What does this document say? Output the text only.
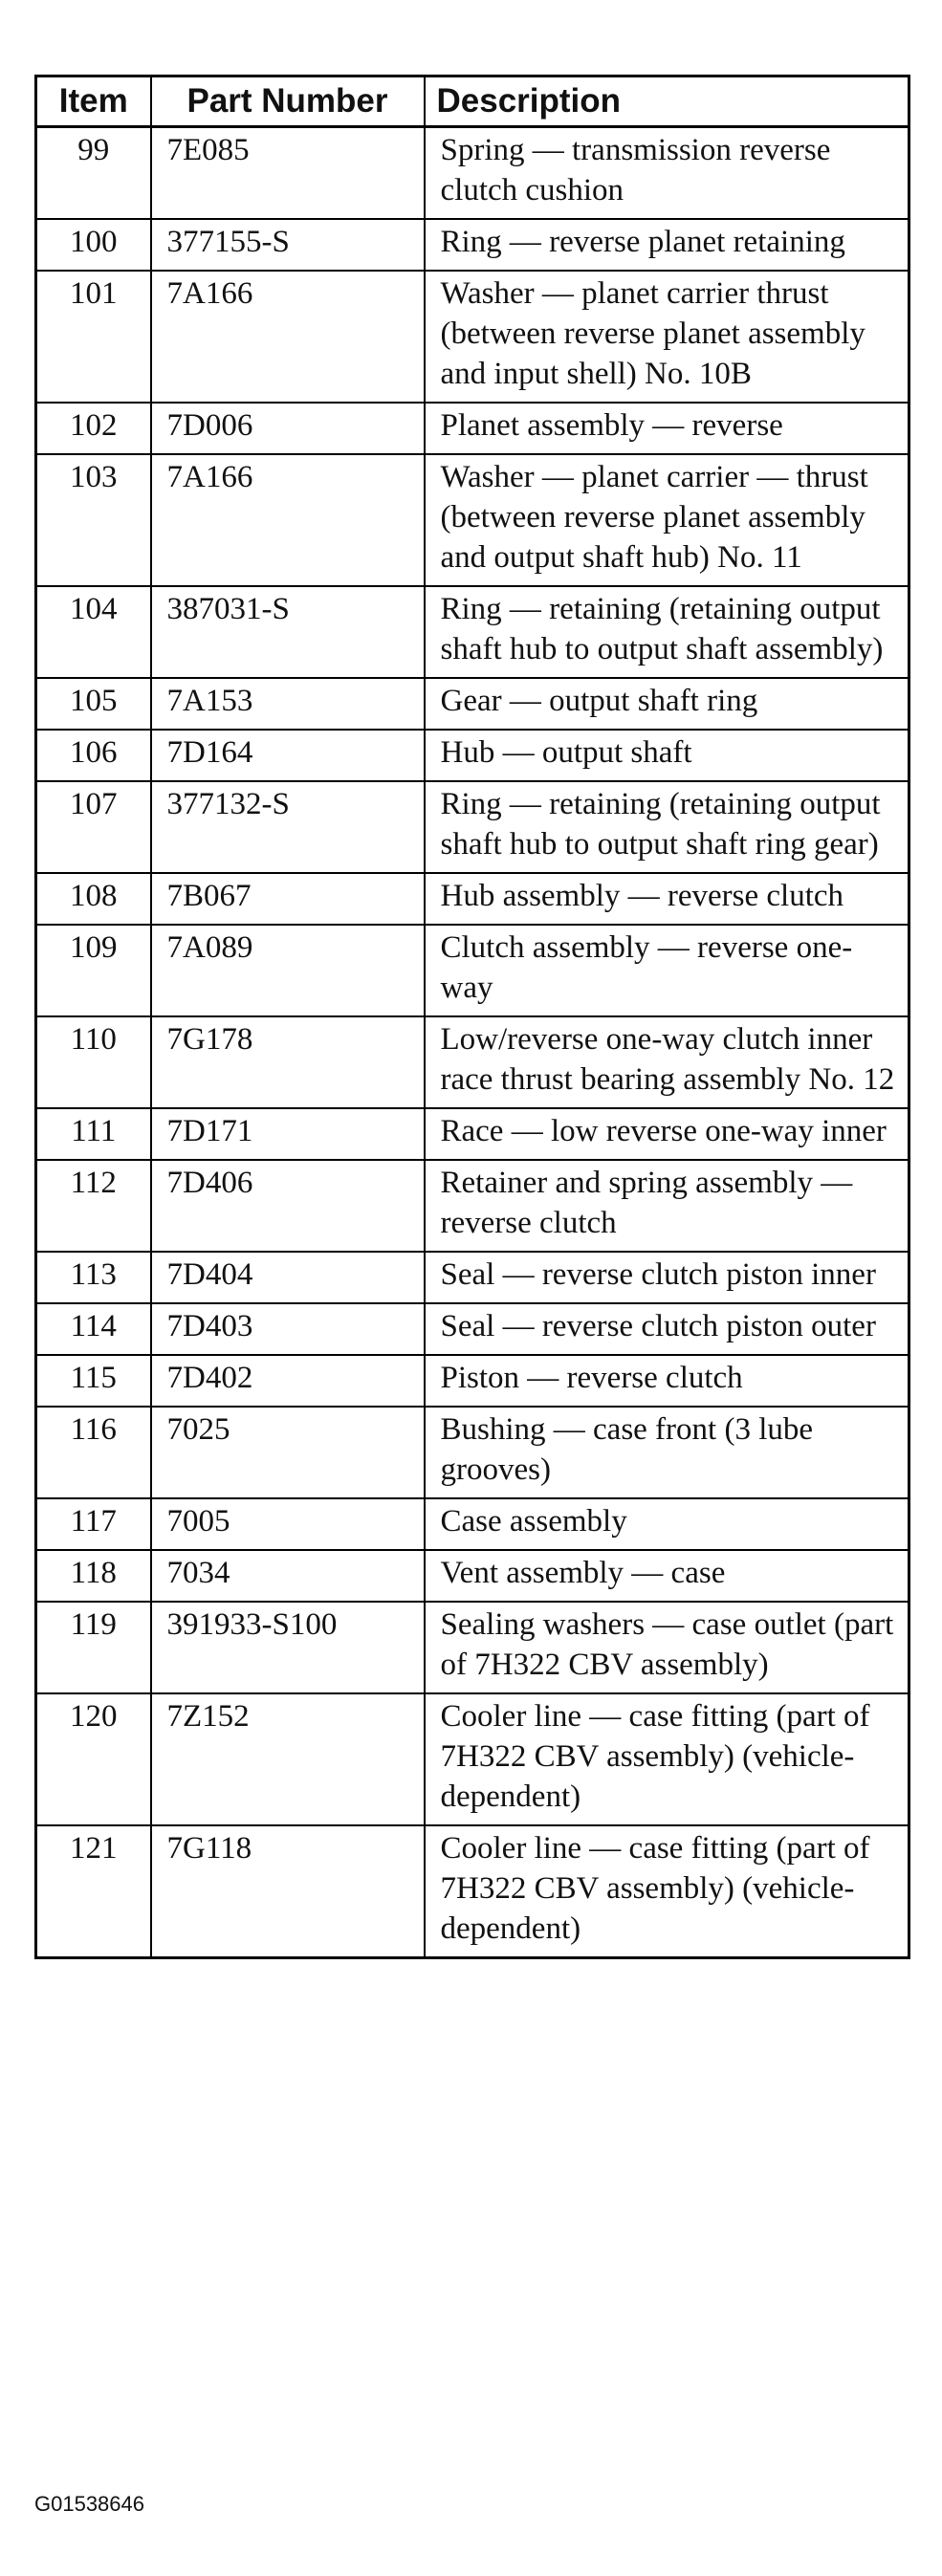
Item	Part Number	Description
99	7E085	Spring — transmission reverse clutch cushion
100	377155-S	Ring — reverse planet retaining
101	7A166	Washer — planet carrier thrust (between reverse planet assembly and input shell) No. 10B
102	7D006	Planet assembly — reverse
103	7A166	Washer — planet carrier — thrust (between reverse planet assembly and output shaft hub) No. 11
104	387031-S	Ring — retaining (retaining output shaft hub to output shaft assembly)
105	7A153	Gear — output shaft ring
106	7D164	Hub — output shaft
107	377132-S	Ring — retaining (retaining output shaft hub to output shaft ring gear)
108	7B067	Hub assembly — reverse clutch
109	7A089	Clutch assembly — reverse one-way
110	7G178	Low/reverse one-way clutch inner race thrust bearing assembly No. 12
111	7D171	Race — low reverse one-way inner
112	7D406	Retainer and spring assembly — reverse clutch
113	7D404	Seal — reverse clutch piston inner
114	7D403	Seal — reverse clutch piston outer
115	7D402	Piston — reverse clutch
116	7025	Bushing — case front (3 lube grooves)
117	7005	Case assembly
118	7034	Vent assembly — case
119	391933-S100	Sealing washers — case outlet (part of 7H322 CBV assembly)
120	7Z152	Cooler line — case fitting (part of 7H322 CBV assembly) (vehicle-dependent)
121	7G118	Cooler line — case fitting (part of 7H322 CBV assembly) (vehicle-dependent)
G01538646
